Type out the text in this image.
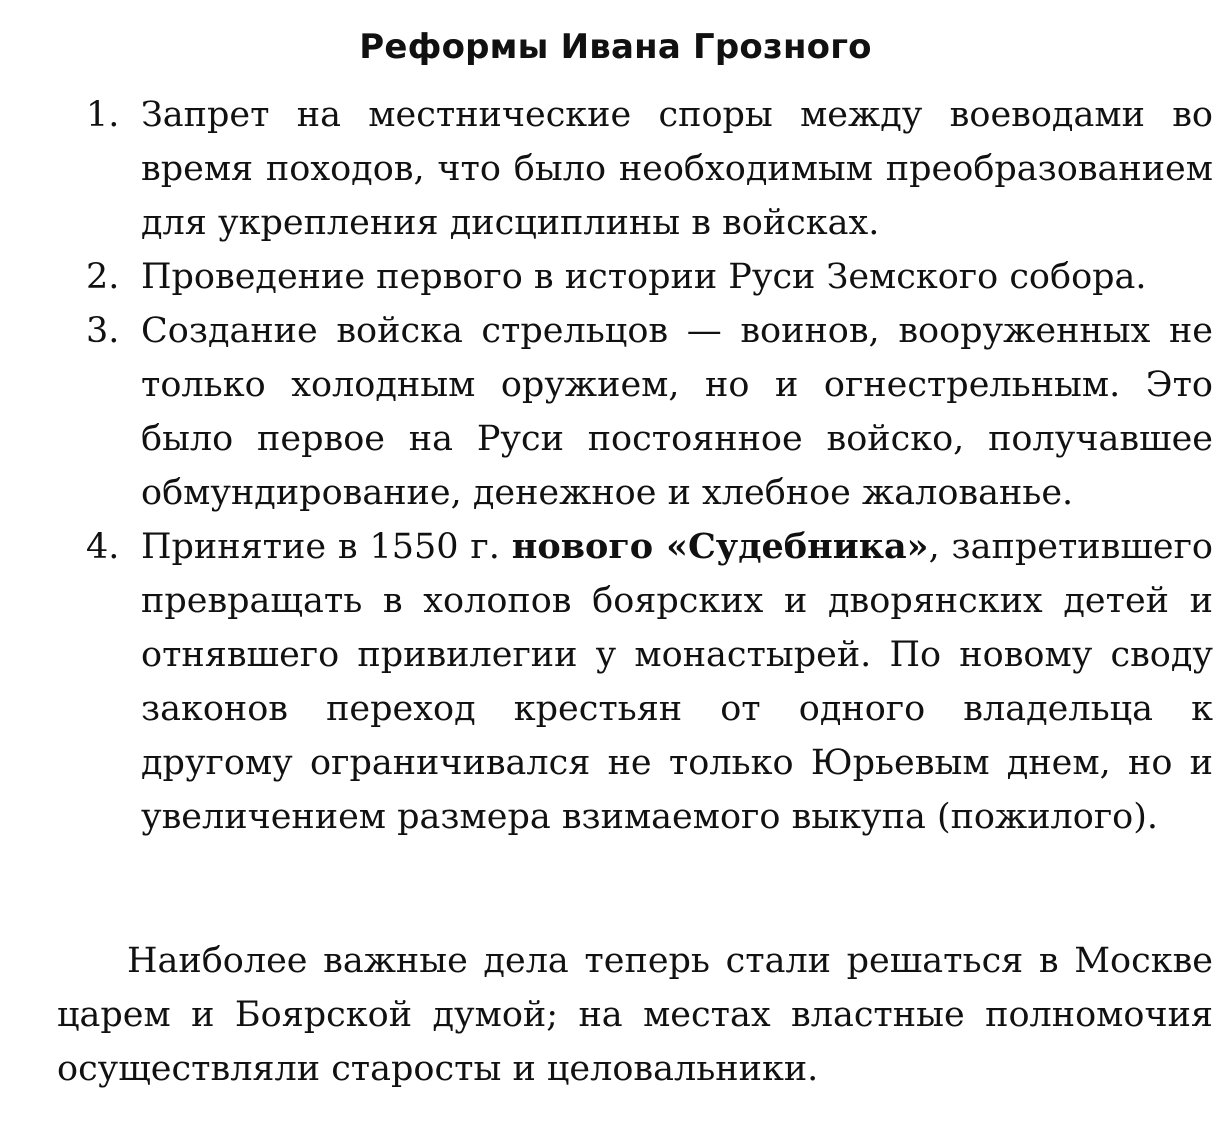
Реформы Ивана Грозного
1. Запрет на местнические споры между воеводами во время походов, что было необходимым преобразованием для укрепления дисциплины в войсках.
2. Проведение первого в истории Руси Земского собора.
3. Создание войска стрельцов — воинов, вооруженных не только холодным оружием, но и огнестрельным. Это было первое на Руси постоянное войско, получавшее обмундирование, денежное и хлебное жалованье.
4. Принятие в 1550 г. нового «Судебника», запретившего превращать в холопов боярских и дворянских детей и отнявшего привилегии у монастырей. По новому своду законов переход крестьян от одного владельца к другому ограничивался не только Юрьевым днем, но и увеличением размера взимаемого выкупа (пожилого).

Наиболее важные дела теперь стали решаться в Москве царем и Боярской думой; на местах властные полномочия осуществляли старосты и целовальники.
